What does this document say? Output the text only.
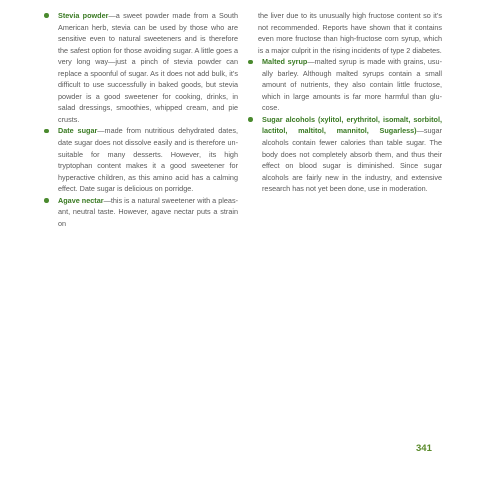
Stevia powder—a sweet powder made from a South American herb, stevia can be used by those who are sensitive even to natural sweeteners and is therefore the safest option for those avoiding sugar. A little goes a very long way—just a pinch of stevia powder can replace a spoonful of sugar. As it does not add bulk, it’s difficult to use successfully in baked goods, but stevia powder is a good sweetener for cooking, drinks, in salad dressings, smoothies, whipped cream, and pie crusts.

Date sugar—made from nutritious dehydrated dates, date sugar does not dissolve easily and is therefore unsuitable for many desserts. However, its high tryptophan content makes it a good sweetener for hyperactive children, as this amino acid has a calming effect. Date sugar is delicious on porridge.

Agave nectar—this is a natural sweetener with a pleasant, neutral taste. However, agave nectar puts a strain on

the liver due to its unusually high fructose content so it’s not recommended. Reports have shown that it contains even more fructose than high-fructose corn syrup, which is a major culprit in the rising incidents of type 2 diabetes.

Malted syrup—malted syrup is made with grains, usually barley. Although malted syrups contain a small amount of nutrients, they also contain little fructose, which in large amounts is far more harmful than glucose.

Sugar alcohols (xylitol, erythritol, isomalt, sorbitol, lactitol, maltitol, mannitol, Sugarless)—sugar alcohols contain fewer calories than table sugar. The body does not completely absorb them, and thus their effect on blood sugar is diminished. Since sugar alcohols are fairly new in the industry, and extensive research has not yet been done, use in moderation.

341
